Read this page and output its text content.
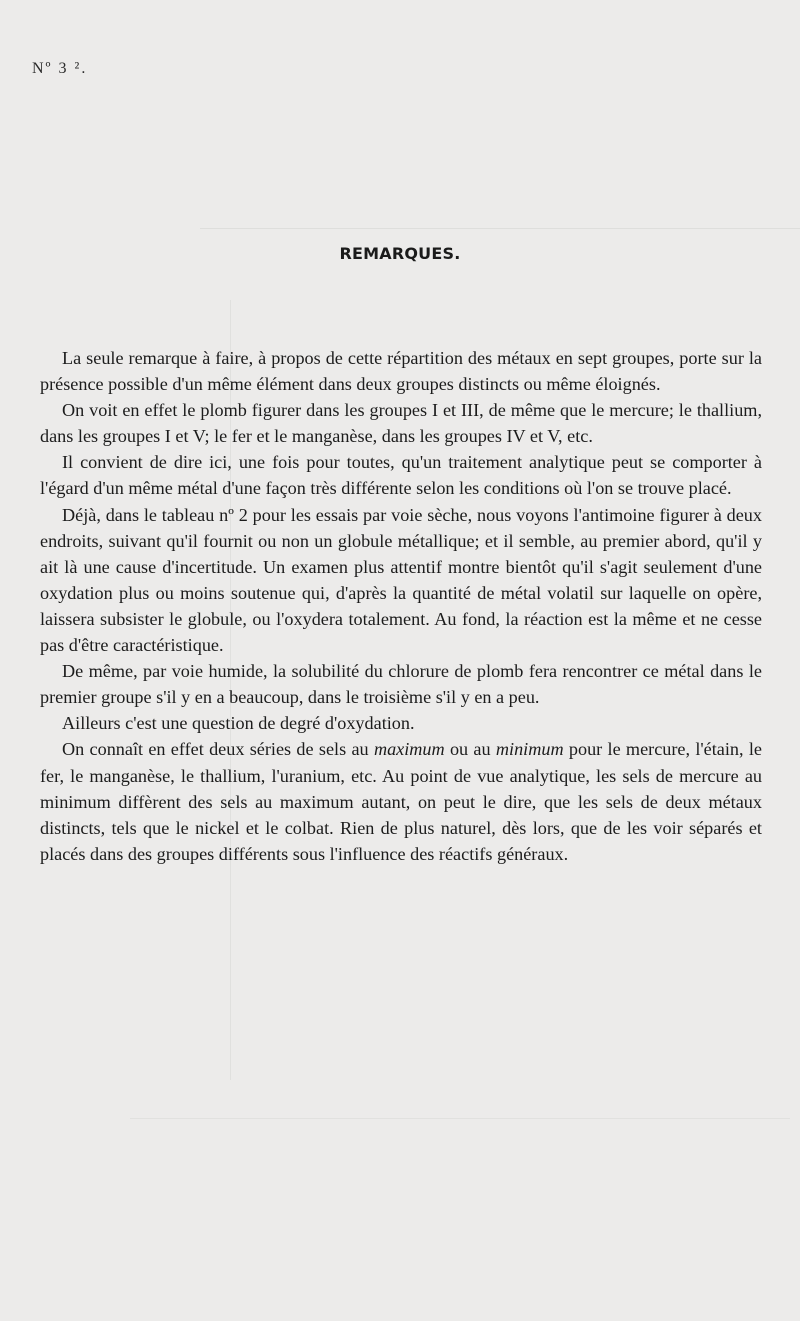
Nº 3 ².
REMARQUES.

La seule remarque à faire, à propos de cette répartition des métaux en sept groupes, porte sur la présence possible d'un même élément dans deux groupes distincts ou même éloignés.

On voit en effet le plomb figurer dans les groupes I et III, de même que le mercure; le thallium, dans les groupes I et V; le fer et le manganèse, dans les groupes IV et V, etc.

Il convient de dire ici, une fois pour toutes, qu'un traitement analytique peut se comporter à l'égard d'un même métal d'une façon très différente selon les conditions où l'on se trouve placé.

Déjà, dans le tableau nº 2 pour les essais par voie sèche, nous voyons l'antimoine figurer à deux endroits, suivant qu'il fournit ou non un globule métallique; et il semble, au premier abord, qu'il y ait là une cause d'incertitude. Un examen plus attentif montre bientôt qu'il s'agit seulement d'une oxydation plus ou moins soutenue qui, d'après la quantité de métal volatil sur laquelle on opère, laissera subsister le globule, ou l'oxydera totalement. Au fond, la réaction est la même et ne cesse pas d'être caractéristique.

De même, par voie humide, la solubilité du chlorure de plomb fera rencontrer ce métal dans le premier groupe s'il y en a beaucoup, dans le troisième s'il y en a peu.

Ailleurs c'est une question de degré d'oxydation.

On connaît en effet deux séries de sels au maximum ou au minimum pour le mercure, l'étain, le fer, le manganèse, le thallium, l'uranium, etc. Au point de vue analytique, les sels de mercure au minimum diffèrent des sels au maximum autant, on peut le dire, que les sels de deux métaux distincts, tels que le nickel et le colbat. Rien de plus naturel, dès lors, que de les voir séparés et placés dans des groupes différents sous l'influence des réactifs généraux.
